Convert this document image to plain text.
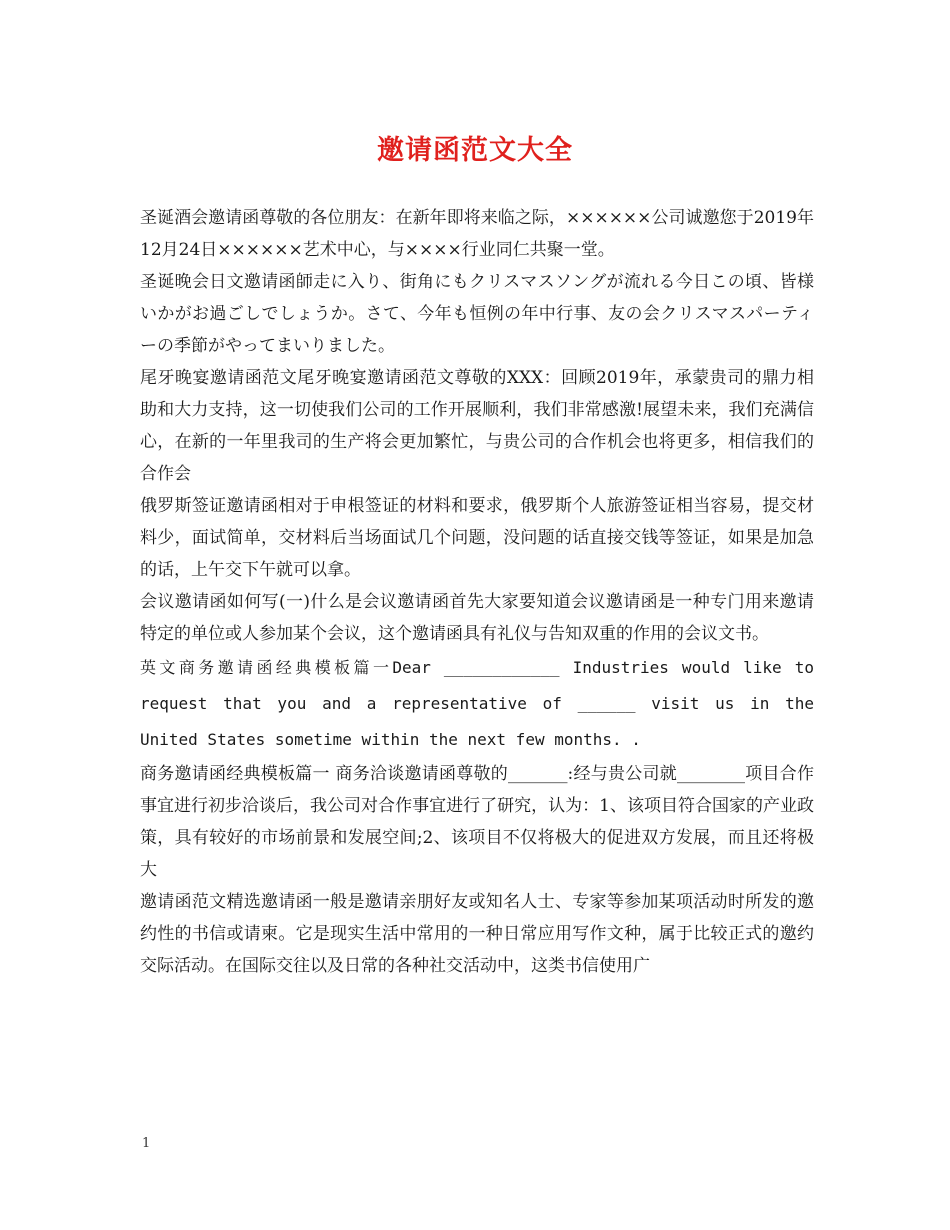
邀请函范文大全

圣诞酒会邀请函尊敬的各位朋友：在新年即将来临之际，××××××公司诚邀您于2019年12月24日××××××艺术中心，与××××行业同仁共聚一堂。

圣诞晚会日文邀请函師走に入り、街角にもクリスマスソングが流れる今日この頃、皆様いかがお過ごしでしょうか。さて、今年も恒例の年中行事、友の会クリスマスパーティーの季節がやってまいりました。

尾牙晚宴邀请函范文尾牙晚宴邀请函范文尊敬的XXX：回顾2019年，承蒙贵司的鼎力相助和大力支持，这一切使我们公司的工作开展顺利，我们非常感激!展望未来，我们充满信心，在新的一年里我司的生产将会更加繁忙，与贵公司的合作机会也将更多，相信我们的合作会

俄罗斯签证邀请函相对于申根签证的材料和要求，俄罗斯个人旅游签证相当容易，提交材料少，面试简单，交材料后当场面试几个问题，没问题的话直接交钱等签证，如果是加急的话，上午交下午就可以拿。

会议邀请函如何写(一)什么是会议邀请函首先大家要知道会议邀请函是一种专门用来邀请特定的单位或人参加某个会议，这个邀请函具有礼仪与告知双重的作用的会议文书。

英文商务邀请函经典模板篇一Dear ____________ Industries would like to request that you and a representative of ______ visit us in the United States sometime within the next few months. .

商务邀请函经典模板篇一 商务洽谈邀请函尊敬的_______:经与贵公司就________项目合作事宜进行初步洽谈后，我公司对合作事宜进行了研究，认为：1、该项目符合国家的产业政策，具有较好的市场前景和发展空间;2、该项目不仅将极大的促进双方发展，而且还将极大

邀请函范文精选邀请函一般是邀请亲朋好友或知名人士、专家等参加某项活动时所发的邀约性的书信或请柬。它是现实生活中常用的一种日常应用写作文种，属于比较正式的邀约交际活动。在国际交往以及日常的各种社交活动中，这类书信使用广

1
